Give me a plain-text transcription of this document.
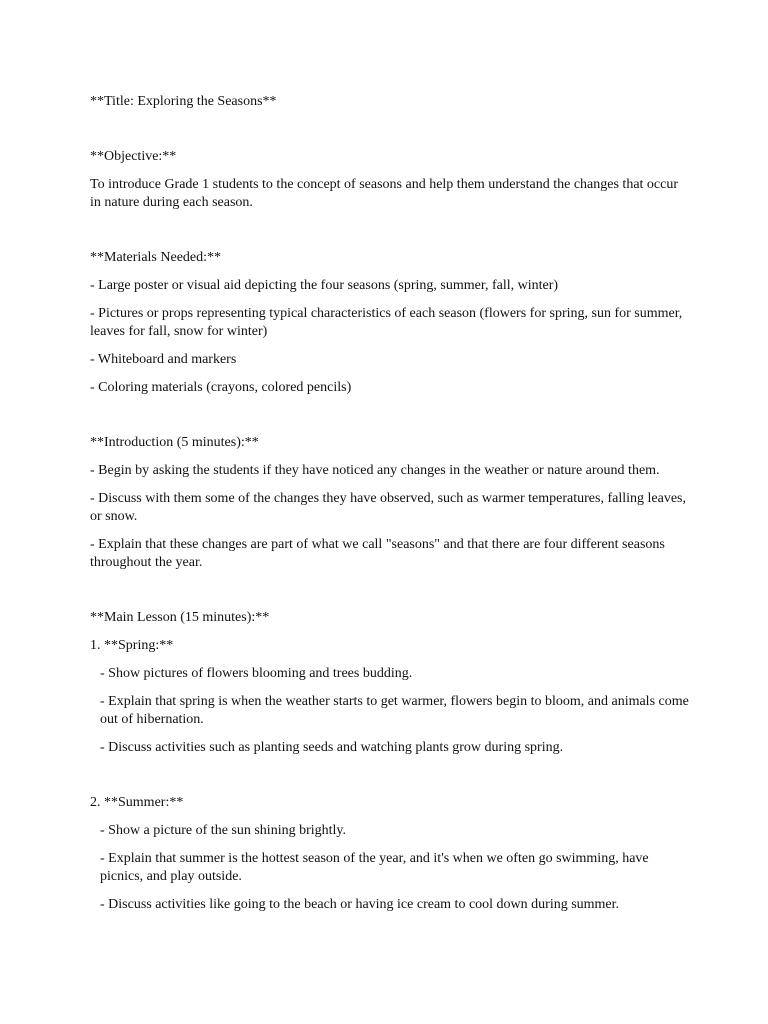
**Title: Exploring the Seasons**

**Objective:**

To introduce Grade 1 students to the concept of seasons and help them understand the changes that occur in nature during each season.

**Materials Needed:**

- Large poster or visual aid depicting the four seasons (spring, summer, fall, winter)

- Pictures or props representing typical characteristics of each season (flowers for spring, sun for summer, leaves for fall, snow for winter)

- Whiteboard and markers

- Coloring materials (crayons, colored pencils)

**Introduction (5 minutes):**

- Begin by asking the students if they have noticed any changes in the weather or nature around them.

- Discuss with them some of the changes they have observed, such as warmer temperatures, falling leaves, or snow.

- Explain that these changes are part of what we call "seasons" and that there are four different seasons throughout the year.

**Main Lesson (15 minutes):**

1. **Spring:**

- Show pictures of flowers blooming and trees budding.

- Explain that spring is when the weather starts to get warmer, flowers begin to bloom, and animals come out of hibernation.

- Discuss activities such as planting seeds and watching plants grow during spring.

2. **Summer:**

- Show a picture of the sun shining brightly.

- Explain that summer is the hottest season of the year, and it's when we often go swimming, have picnics, and play outside.

- Discuss activities like going to the beach or having ice cream to cool down during summer.
